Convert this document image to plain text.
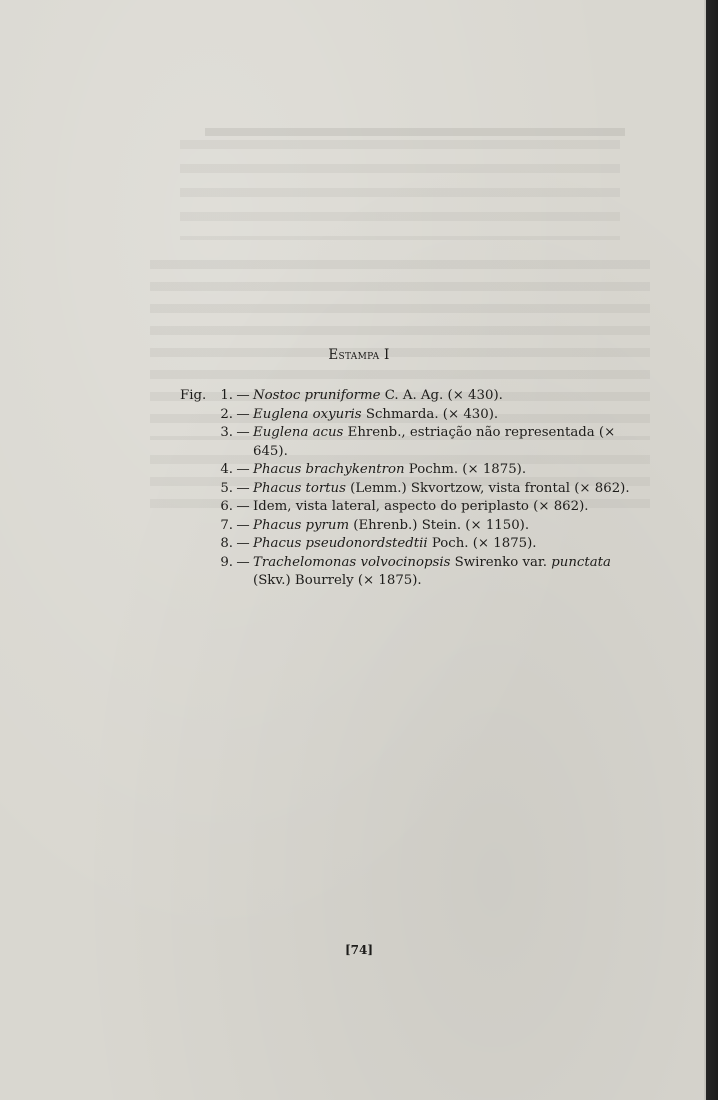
Estampa I
Fig.	1. — Nostoc pruniforme C. A. Ag. (× 430).
2. — Euglena oxyuris Schmarda. (× 430).
3. — Euglena acus Ehrenb., estriação não representada (× 645).
4. — Phacus brachykentron Pochm. (× 1875).
5. — Phacus tortus (Lemm.) Skvortzow, vista frontal (× 862).
6. — Idem, vista lateral, aspecto do periplasto (× 862).
7. — Phacus pyrum (Ehrenb.) Stein. (× 1150).
8. — Phacus pseudonordstedtii Poch. (× 1875).
9. — Trachelomonas volvocinopsis Swirenko var. punctata (Skv.) Bourrely (× 1875).
[74]
